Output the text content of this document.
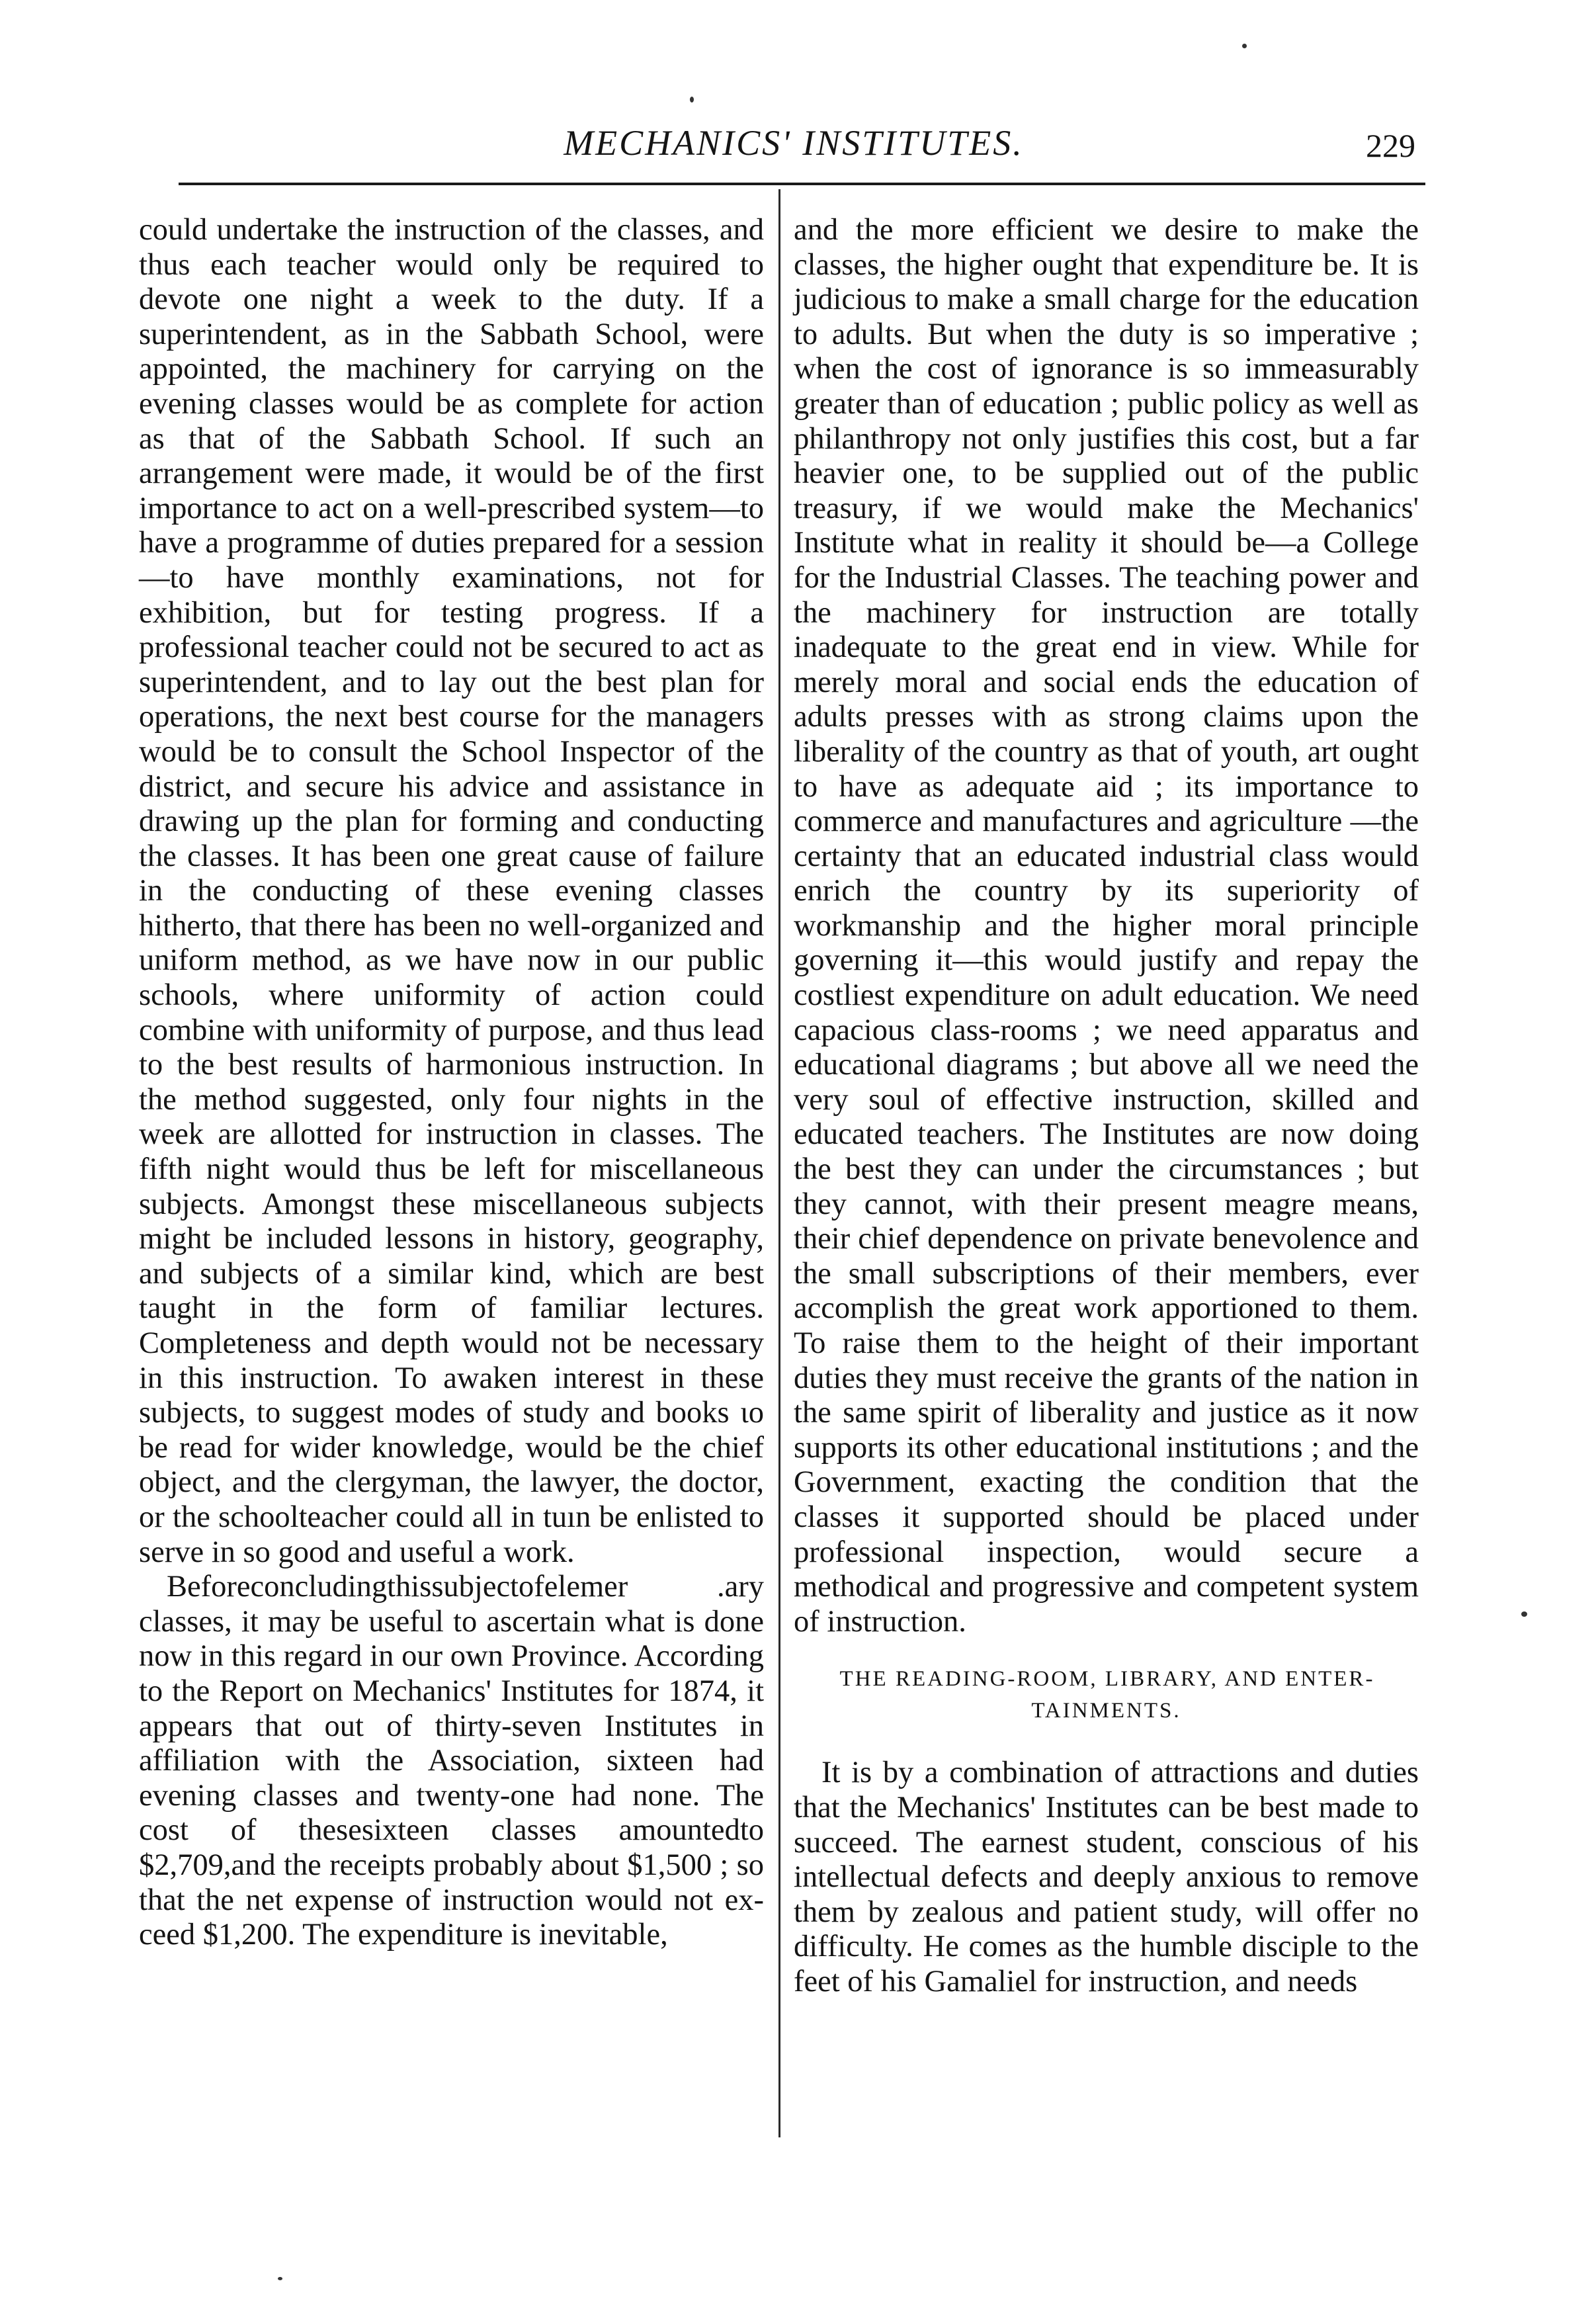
MECHANICS' INSTITUTES.	229

could undertake the instruction of the classes, and thus each teacher would only be required to devote one night a week to the duty. If a superintendent, as in the Sabbath School, were appointed, the machinery for carrying on the evening classes would be as complete for action as that of the Sabbath School. If such an arrangement were made, it would be of the first importance to act on a well-prescribed system—to have a programme of duties prepared for a session—to have monthly examinations, not for exhibition, but for testing progress. If a professional teacher could not be secured to act as superintendent, and to lay out the best plan for operations, the next best course for the managers would be to consult the School Inspector of the district, and secure his advice and assistance in drawing up the plan for forming and conducting the classes. It has been one great cause of failure in the conducting of these evening classes hitherto, that there has been no well-organized and uniform method, as we have now in our public schools, where uniformity of action could combine with uniformity of purpose, and thus lead to the best results of harmonious instruction. In the method suggested, only four nights in the week are allotted for instruction in classes. The fifth night would thus be left for miscellaneous subjects. Amongst these miscellaneous subjects might be included lessons in history, geography, and subjects of a similar kind, which are best taught in the form of familiar lectures. Completeness and depth would not be necessary in this instruction. To awaken interest in these subjects, to suggest modes of study and books ιo be read for wider knowledge, would be the chief object, and the clergyman, the lawyer, the doctor, or the schoolteacher could all in tuın be enlisted to serve in so good and useful a work.

Beforeconcludingthissubjectofelemer .ary classes, it may be useful to ascertain what is done now in this regard in our own Province. According to the Report on Mechanics' Institutes for 1874, it appears that out of thirty-seven Institutes in affiliation with the Association, sixteen had evening classes and twenty-one had none. The cost of thesesixteen classes amountedto $2,709,and the receipts probably about $1,500 ; so that the net expense of instruction would not exceed $1,200. The expenditure is inevitable,

and the more efficient we desire to make the classes, the higher ought that expenditure be. It is judicious to make a small charge for the education to adults. But when the duty is so imperative ; when the cost of ignorance is so immeasurably greater than of education ; public policy as well as philanthropy not only justifies this cost, but a far heavier one, to be supplied out of the public treasury, if we would make the Mechanics' Institute what in reality it should be—a College for the Industrial Classes. The teaching power and the machinery for instruction are totally inadequate to the great end in view. While for merely moral and social ends the education of adults presses with as strong claims upon the liberality of the country as that of youth, art ought to have as adequate aid ; its importance to commerce and manufactures and agriculture —the certainty that an educated industrial class would enrich the country by its superiority of workmanship and the higher moral principle governing it—this would justify and repay the costliest expenditure on adult education. We need capacious class-rooms ; we need apparatus and educational diagrams ; but above all we need the very soul of effective instruction, skilled and educated teachers. The Institutes are now doing the best they can under the circumstances ; but they cannot, with their present meagre means, their chief dependence on private benevolence and the small subscriptions of their members, ever accomplish the great work apportioned to them. To raise them to the height of their important duties they must receive the grants of the nation in the same spirit of liberality and justice as it now supports its other educational institutions ; and the Government, exacting the condition that the classes it supported should be placed under professional inspection, would secure a methodical and progressive and competent system of instruction.

THE READING-ROOM, LIBRARY, AND ENTERTAINMENTS.

It is by a combination of attractions and duties that the Mechanics' Institutes can be best made to succeed. The earnest student, conscious of his intellectual defects and deeply anxious to remove them by zealous and patient study, will offer no difficulty. He comes as the humble disciple to the feet of his Gamaliel for instruction, and needs
